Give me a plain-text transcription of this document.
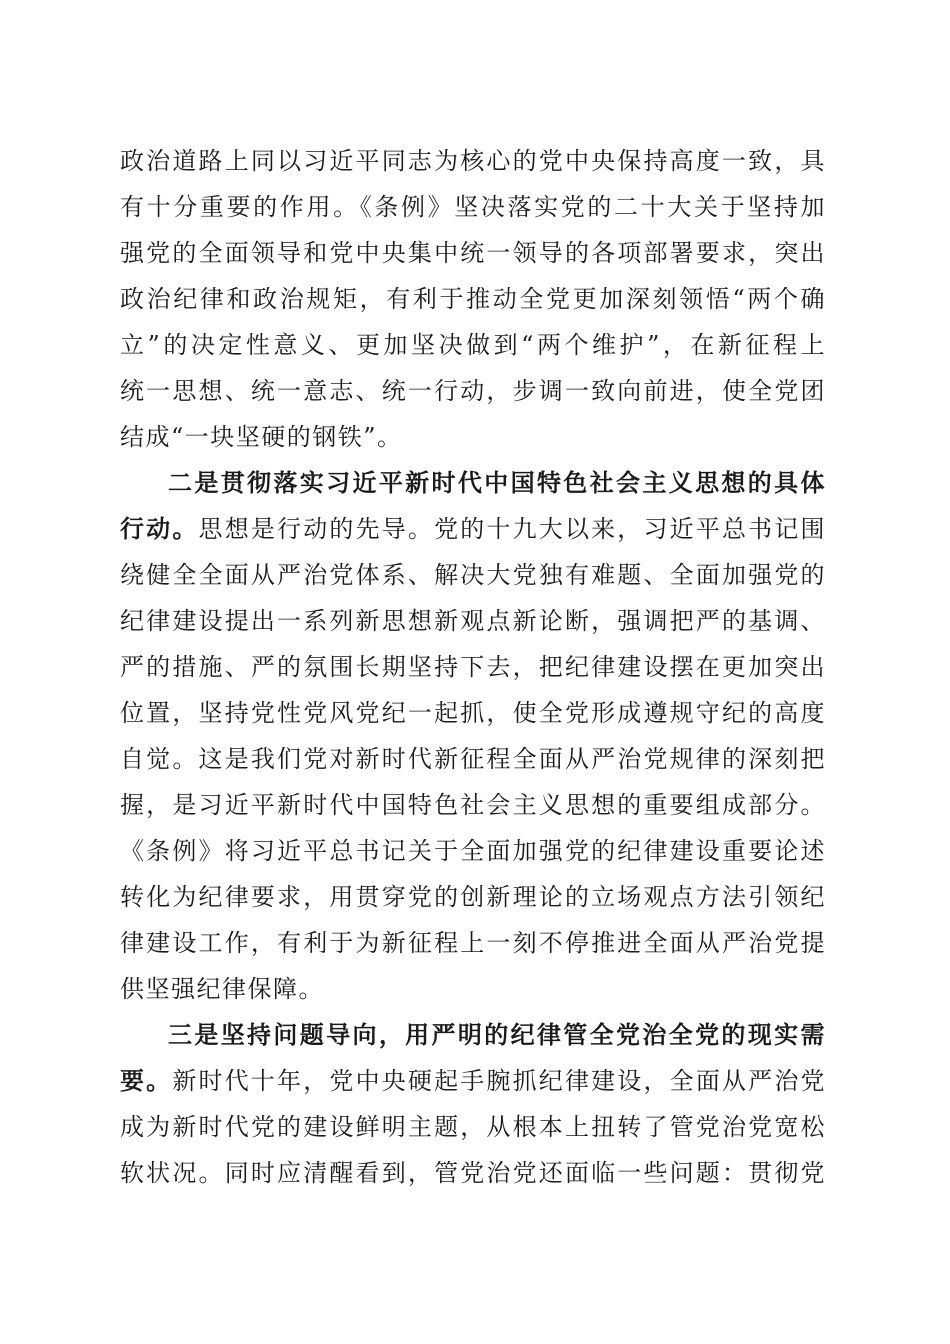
政治道路上同以习近平同志为核心的党中央保持高度一致，具
有十分重要的作用。《条例》坚决落实党的二十大关于坚持加
强党的全面领导和党中央集中统一领导的各项部署要求，突出
政治纪律和政治规矩，有利于推动全党更加深刻领悟“两个确
立”的决定性意义、更加坚决做到“两个维护”，在新征程上
统一思想、统一意志、统一行动，步调一致向前进，使全党团
结成“一块坚硬的钢铁”。
二是贯彻落实习近平新时代中国特色社会主义思想的具体
行动。思想是行动的先导。党的十九大以来，习近平总书记围
绕健全全面从严治党体系、解决大党独有难题、全面加强党的
纪律建设提出一系列新思想新观点新论断，强调把严的基调、
严的措施、严的氛围长期坚持下去，把纪律建设摆在更加突出
位置，坚持党性党风党纪一起抓，使全党形成遵规守纪的高度
自觉。这是我们党对新时代新征程全面从严治党规律的深刻把
握，是习近平新时代中国特色社会主义思想的重要组成部分。
《条例》将习近平总书记关于全面加强党的纪律建设重要论述
转化为纪律要求，用贯穿党的创新理论的立场观点方法引领纪
律建设工作，有利于为新征程上一刻不停推进全面从严治党提
供坚强纪律保障。
三是坚持问题导向，用严明的纪律管全党治全党的现实需
要。新时代十年，党中央硬起手腕抓纪律建设，全面从严治党
成为新时代党的建设鲜明主题，从根本上扭转了管党治党宽松
软状况。同时应清醒看到，管党治党还面临一些问题：贯彻党
